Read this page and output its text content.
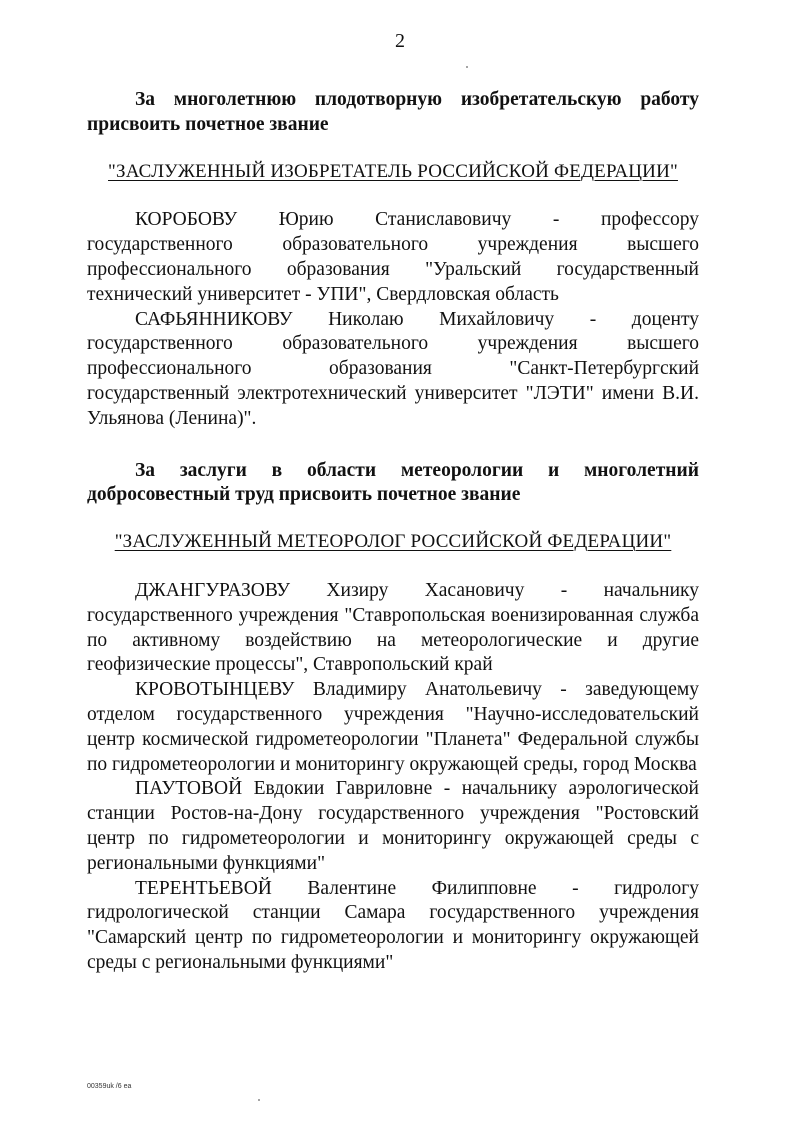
2

За многолетнюю плодотворную изобретательскую работу присвоить почетное звание

"ЗАСЛУЖЕННЫЙ ИЗОБРЕТАТЕЛЬ РОССИЙСКОЙ ФЕДЕРАЦИИ"

КОРОБОВУ Юрию Станиславовичу - профессору государственного образовательного учреждения высшего профессионального образования "Уральский государственный технический университет - УПИ", Свердловская область

САФЬЯННИКОВУ Николаю Михайловичу - доценту государственного образовательного учреждения высшего профессионального образования "Санкт-Петербургский государственный электротехнический университет "ЛЭТИ" имени В.И. Ульянова (Ленина)".

За заслуги в области метеорологии и многолетний добросовестный труд присвоить почетное звание

"ЗАСЛУЖЕННЫЙ МЕТЕОРОЛОГ РОССИЙСКОЙ ФЕДЕРАЦИИ"

ДЖАНГУРАЗОВУ Хизиру Хасановичу - начальнику государственного учреждения "Ставропольская военизированная служба по активному воздействию на метеорологические и другие геофизические процессы", Ставропольский край

КРОВОТЫНЦЕВУ Владимиру Анатольевичу - заведующему отделом государственного учреждения "Научно-исследовательский центр космической гидрометеорологии "Планета" Федеральной службы по гидрометеорологии и мониторингу окружающей среды, город Москва

ПАУТОВОЙ Евдокии Гавриловне - начальнику аэрологической станции Ростов-на-Дону государственного учреждения "Ростовский центр по гидрометеорологии и мониторингу окружающей среды с региональными функциями"

ТЕРЕНТЬЕВОЙ Валентине Филипповне - гидрологу гидрологической станции Самара государственного учреждения "Самарский центр по гидрометеорологии и мониторингу окружающей среды с региональными функциями"

00359uk /6 ea
